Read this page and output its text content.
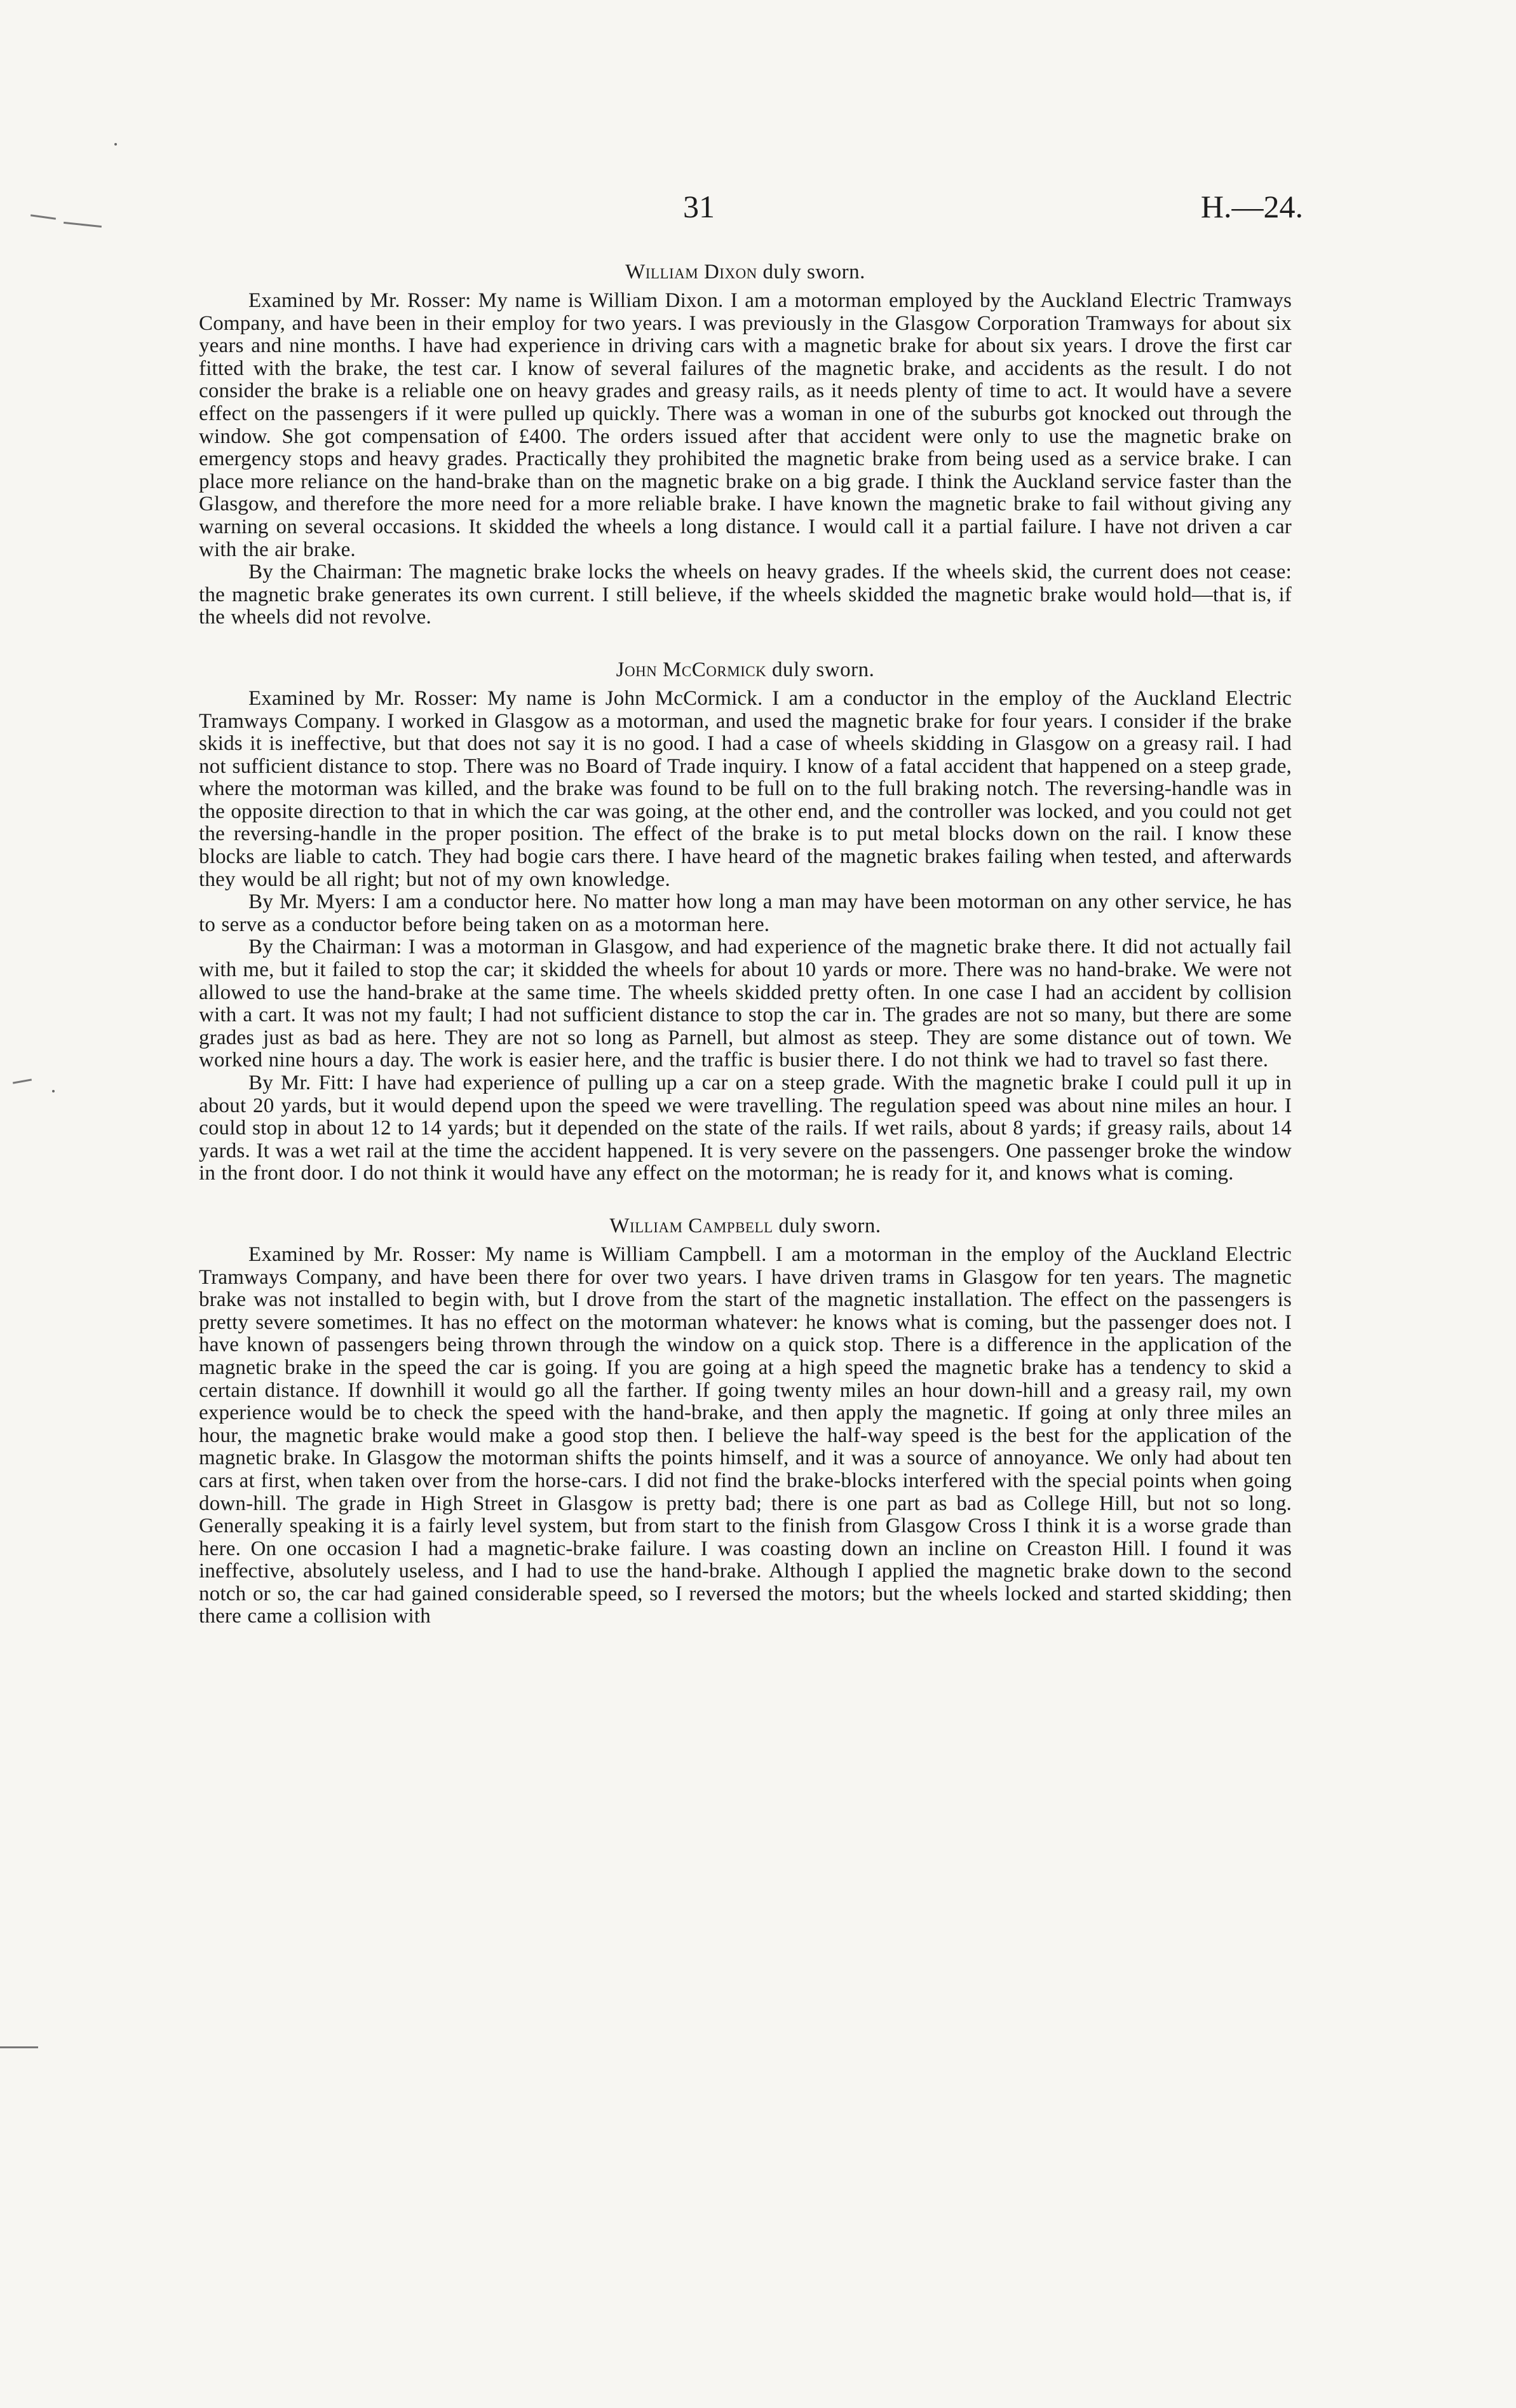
31	H.—24.

William Dixon duly sworn.

Examined by Mr. Rosser: My name is William Dixon. I am a motorman employed by the Auckland Electric Tramways Company, and have been in their employ for two years. I was previously in the Glasgow Corporation Tramways for about six years and nine months. I have had experience in driving cars with a magnetic brake for about six years. I drove the first car fitted with the brake, the test car. I know of several failures of the magnetic brake, and accidents as the result. I do not consider the brake is a reliable one on heavy grades and greasy rails, as it needs plenty of time to act. It would have a severe effect on the passengers if it were pulled up quickly. There was a woman in one of the suburbs got knocked out through the window. She got compensation of £400. The orders issued after that accident were only to use the magnetic brake on emergency stops and heavy grades. Practically they prohibited the magnetic brake from being used as a service brake. I can place more reliance on the hand-brake than on the magnetic brake on a big grade. I think the Auckland service faster than the Glasgow, and therefore the more need for a more reliable brake. I have known the magnetic brake to fail without giving any warning on several occasions. It skidded the wheels a long distance. I would call it a partial failure. I have not driven a car with the air brake.

By the Chairman: The magnetic brake locks the wheels on heavy grades. If the wheels skid, the current does not cease: the magnetic brake generates its own current. I still believe, if the wheels skidded the magnetic brake would hold—that is, if the wheels did not revolve.

John McCormick duly sworn.

Examined by Mr. Rosser: My name is John McCormick. I am a conductor in the employ of the Auckland Electric Tramways Company. I worked in Glasgow as a motorman, and used the magnetic brake for four years. I consider if the brake skids it is ineffective, but that does not say it is no good. I had a case of wheels skidding in Glasgow on a greasy rail. I had not sufficient distance to stop. There was no Board of Trade inquiry. I know of a fatal accident that happened on a steep grade, where the motorman was killed, and the brake was found to be full on to the full braking notch. The reversing-handle was in the opposite direction to that in which the car was going, at the other end, and the controller was locked, and you could not get the reversing-handle in the proper position. The effect of the brake is to put metal blocks down on the rail. I know these blocks are liable to catch. They had bogie cars there. I have heard of the magnetic brakes failing when tested, and afterwards they would be all right; but not of my own knowledge.

By Mr. Myers: I am a conductor here. No matter how long a man may have been motorman on any other service, he has to serve as a conductor before being taken on as a motorman here.

By the Chairman: I was a motorman in Glasgow, and had experience of the magnetic brake there. It did not actually fail with me, but it failed to stop the car; it skidded the wheels for about 10 yards or more. There was no hand-brake. We were not allowed to use the hand-brake at the same time. The wheels skidded pretty often. In one case I had an accident by collision with a cart. It was not my fault; I had not sufficient distance to stop the car in. The grades are not so many, but there are some grades just as bad as here. They are not so long as Parnell, but almost as steep. They are some distance out of town. We worked nine hours a day. The work is easier here, and the traffic is busier there. I do not think we had to travel so fast there.

By Mr. Fitt: I have had experience of pulling up a car on a steep grade. With the magnetic brake I could pull it up in about 20 yards, but it would depend upon the speed we were travelling. The regulation speed was about nine miles an hour. I could stop in about 12 to 14 yards; but it depended on the state of the rails. If wet rails, about 8 yards; if greasy rails, about 14 yards. It was a wet rail at the time the accident happened. It is very severe on the passengers. One passenger broke the window in the front door. I do not think it would have any effect on the motorman; he is ready for it, and knows what is coming.

William Campbell duly sworn.

Examined by Mr. Rosser: My name is William Campbell. I am a motorman in the employ of the Auckland Electric Tramways Company, and have been there for over two years. I have driven trams in Glasgow for ten years. The magnetic brake was not installed to begin with, but I drove from the start of the magnetic installation. The effect on the passengers is pretty severe sometimes. It has no effect on the motorman whatever: he knows what is coming, but the passenger does not. I have known of passengers being thrown through the window on a quick stop. There is a difference in the application of the magnetic brake in the speed the car is going. If you are going at a high speed the magnetic brake has a tendency to skid a certain distance. If downhill it would go all the farther. If going twenty miles an hour down-hill and a greasy rail, my own experience would be to check the speed with the hand-brake, and then apply the magnetic. If going at only three miles an hour, the magnetic brake would make a good stop then. I believe the half-way speed is the best for the application of the magnetic brake. In Glasgow the motorman shifts the points himself, and it was a source of annoyance. We only had about ten cars at first, when taken over from the horse-cars. I did not find the brake-blocks interfered with the special points when going down-hill. The grade in High Street in Glasgow is pretty bad; there is one part as bad as College Hill, but not so long. Generally speaking it is a fairly level system, but from start to the finish from Glasgow Cross I think it is a worse grade than here. On one occasion I had a magnetic-brake failure. I was coasting down an incline on Creaston Hill. I found it was ineffective, absolutely useless, and I had to use the hand-brake. Although I applied the magnetic brake down to the second notch or so, the car had gained considerable speed, so I reversed the motors; but the wheels locked and started skidding; then there came a collision with
